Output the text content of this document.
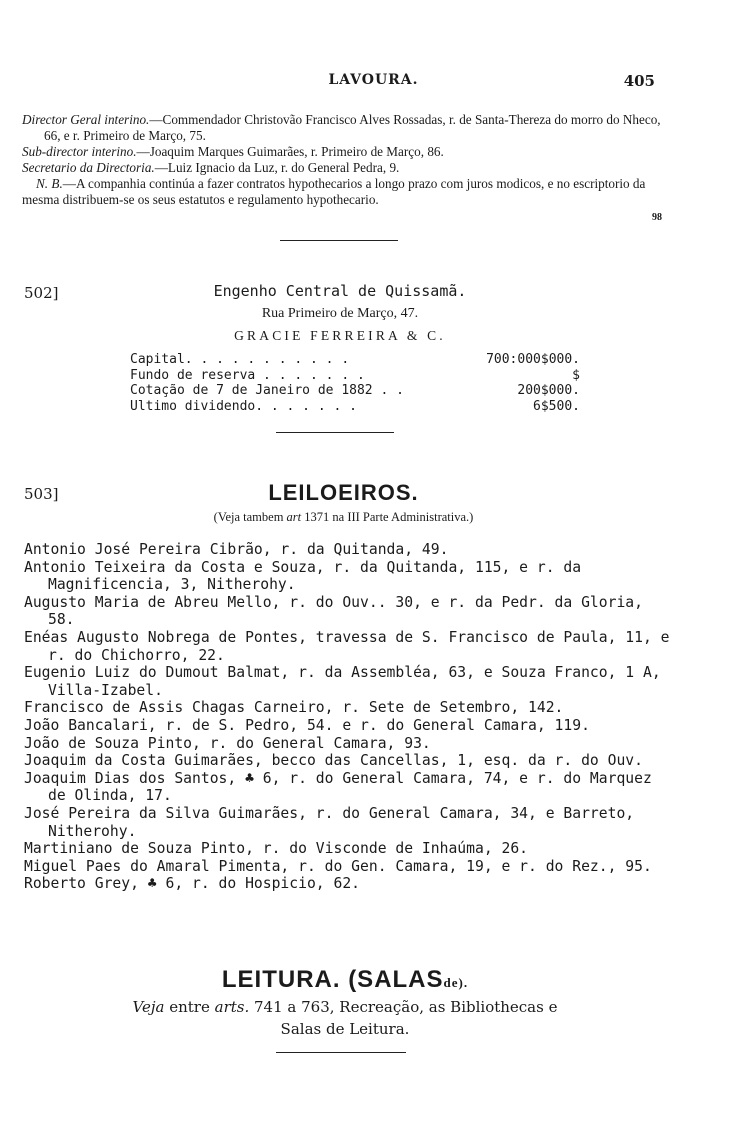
LAVOURA.	405

Director Geral interino.—Commendador Christovão Francisco Alves Rossadas, r. de Santa-Thereza do morro do Nheco, 66, e r. Primeiro de Março, 75.

Sub-director interino.—Joaquim Marques Guimarães, r. Primeiro de Março, 86.

Secretario da Directoria.—Luiz Ignacio da Luz, r. do General Pedra, 9.

N. B.—A companhia continúa a fazer contratos hypothecarios a longo prazo com juros modicos, e no escriptorio da mesma distribuem-se os seus estatutos e regulamento hypothecario.

98
502]	Engenho Central de Quissamã.
Rua Primeiro de Março, 47.
GRACIE FERREIRA & C.
Capital. . . . . . . . . . .	700:000$000.
Fundo de reserva . . . . . . .	$
Cotação de 7 de Janeiro de 1882 . .	200$000.
Ultimo dividendo. . . . . . .	6$500.
503]	LEILOEIROS.
(Veja tambem art 1371 na III Parte Administrativa.)

Antonio José Pereira Cibrão, r. da Quitanda, 49.

Antonio Teixeira da Costa e Souza, r. da Quitanda, 115, e r. da Magnificencia, 3, Nitherohy.

Augusto Maria de Abreu Mello, r. do Ouv.. 30, e r. da Pedr. da Gloria, 58.

Enéas Augusto Nobrega de Pontes, travessa de S. Francisco de Paula, 11, e r. do Chichorro, 22.

Eugenio Luiz do Dumout Balmat, r. da Assembléa, 63, e Souza Franco, 1 A, Villa-Izabel.

Francisco de Assis Chagas Carneiro, r. Sete de Setembro, 142.

João Bancalari, r. de S. Pedro, 54. e r. do General Camara, 119.

João de Souza Pinto, r. do General Camara, 93.

Joaquim da Costa Guimarães, becco das Cancellas, 1, esq. da r. do Ouv.

Joaquim Dias dos Santos, ♣ 6, r. do General Camara, 74, e r. do Marquez de Olinda, 17.

José Pereira da Silva Guimarães, r. do General Camara, 34, e Barreto, Nitherohy.

Martiniano de Souza Pinto, r. do Visconde de Inhaúma, 26.

Miguel Paes do Amaral Pimenta, r. do Gen. Camara, 19, e r. do Rez., 95.

Roberto Grey, ♣ 6, r. do Hospicio, 62.

LEITURA. (SALASde).
Veja entre arts. 741 a 763, Recreação, as Bibliothecas e
Salas de Leitura.
